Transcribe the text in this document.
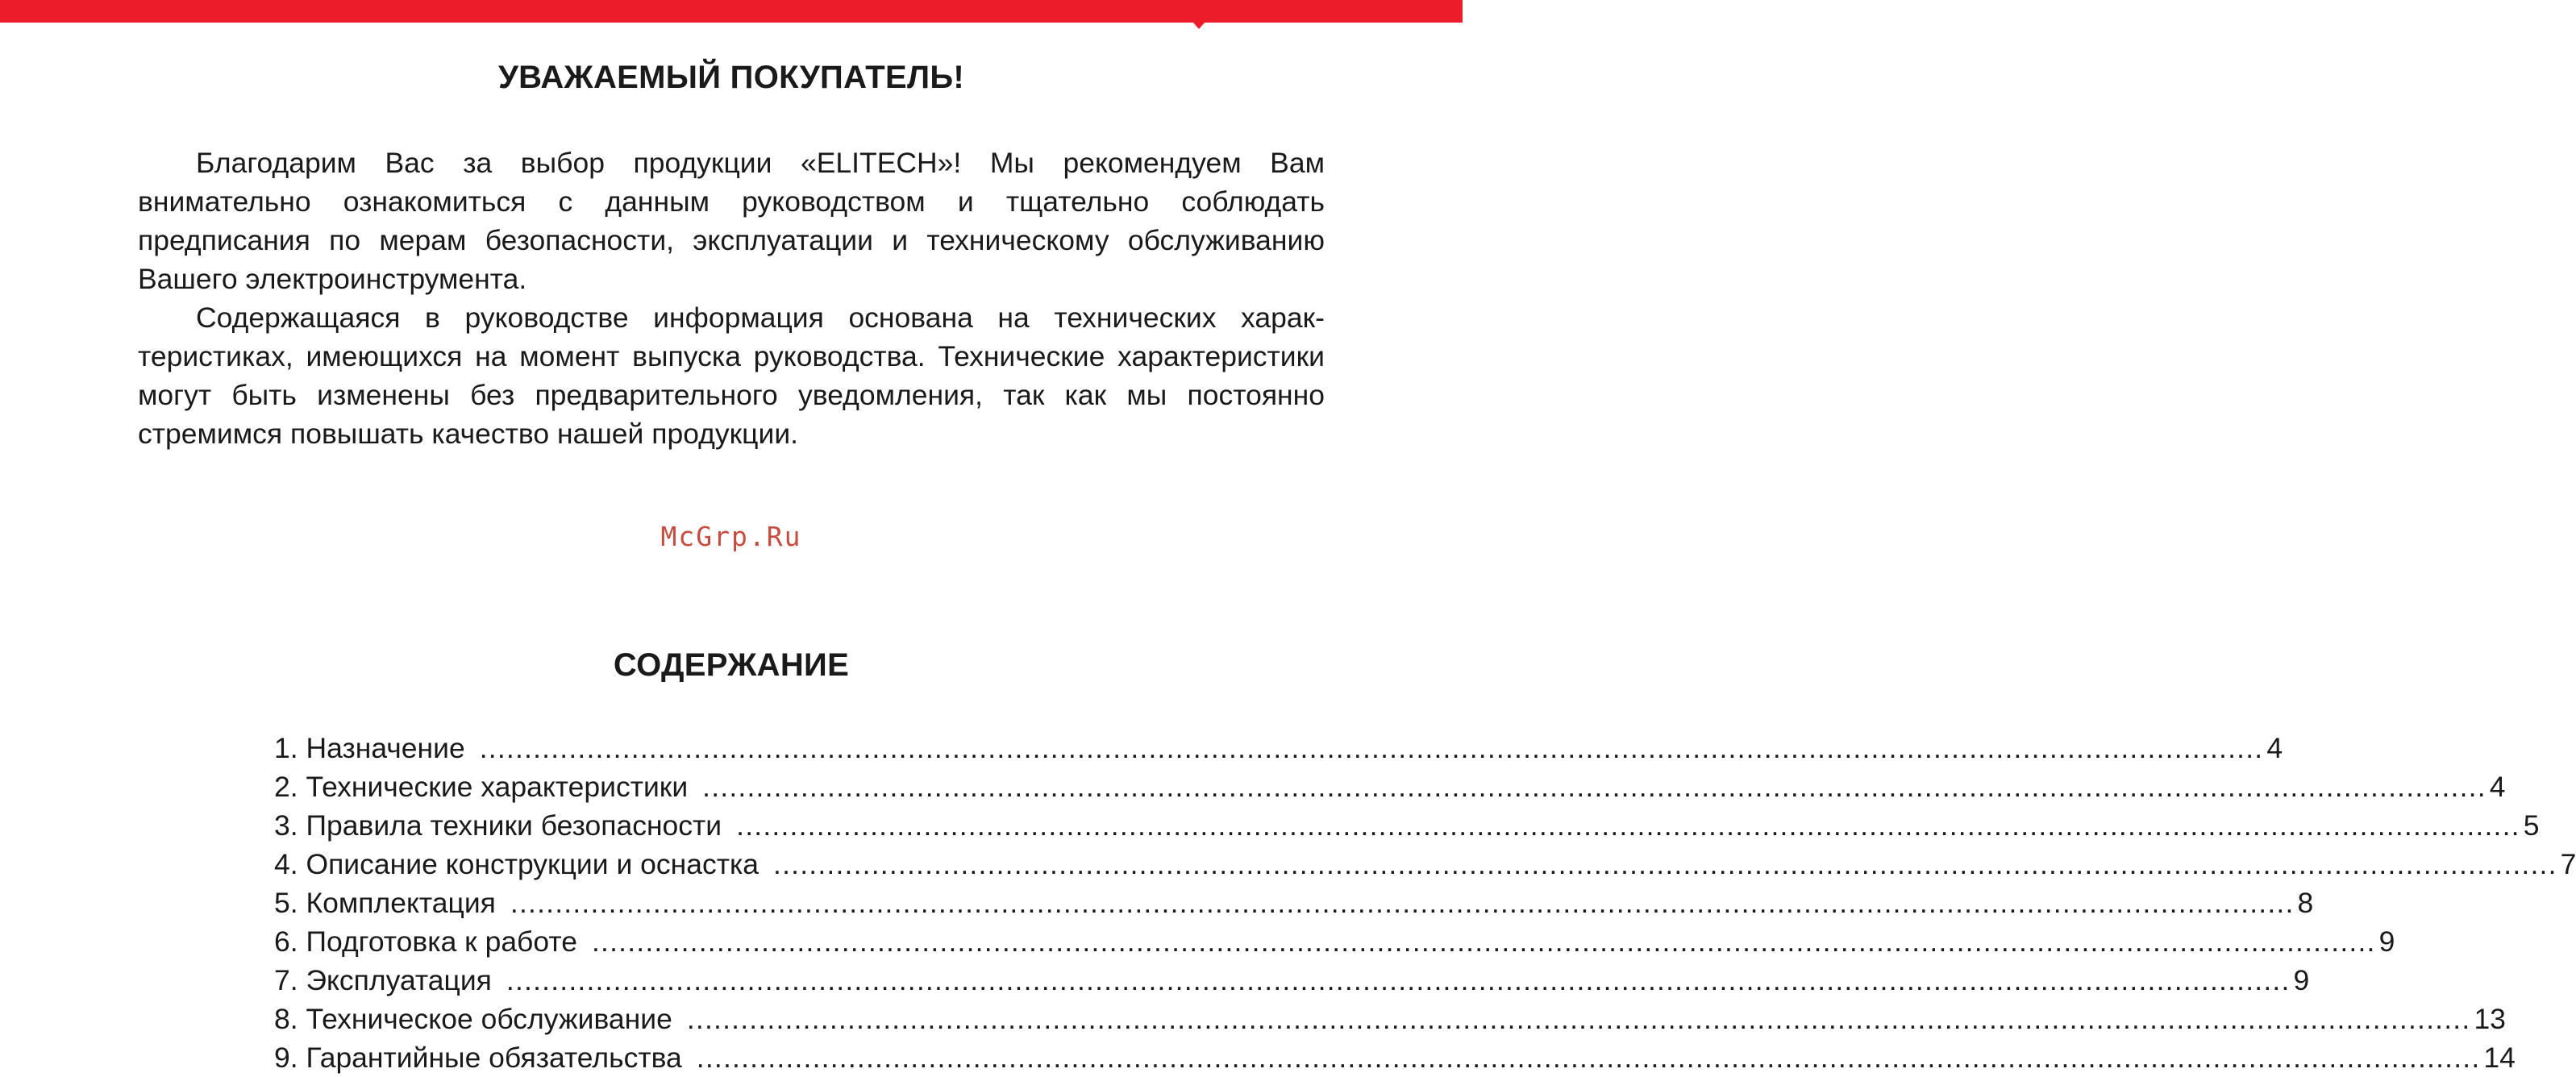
УВАЖАЕМЫЙ ПОКУПАТЕЛЬ!

Благодарим Вас за выбор продукции «ELITECH»! Мы рекомендуем Вам внимательно ознакомиться с данным руководством и тщательно соблюдать предписания по мерам безопасности, эксплуатации и техническому обслуживанию Вашего электроинструмента.

Содержащаяся в руководстве информация основана на технических характеристиках, имеющихся на момент выпуска руководства. Технические характеристики могут быть изменены без предварительного уведомления, так как мы постоянно стремимся повышать качество нашей продукции.

McGrp.Ru
СОДЕРЖАНИЕ
1. Назначение ........................................................................................................................................................................................................ 4
2. Технические характеристики ........................................................................................................................................................................................................ 4
3. Правила техники безопасности ........................................................................................................................................................................................................ 5
4. Описание конструкции и оснастка ........................................................................................................................................................................................................ 7
5. Комплектация ........................................................................................................................................................................................................ 8
6. Подготовка к работе ........................................................................................................................................................................................................ 9
7. Эксплуатация ........................................................................................................................................................................................................ 9
8. Техническое обслуживание ........................................................................................................................................................................................................ 13
9. Гарантийные обязательства ........................................................................................................................................................................................................ 14
